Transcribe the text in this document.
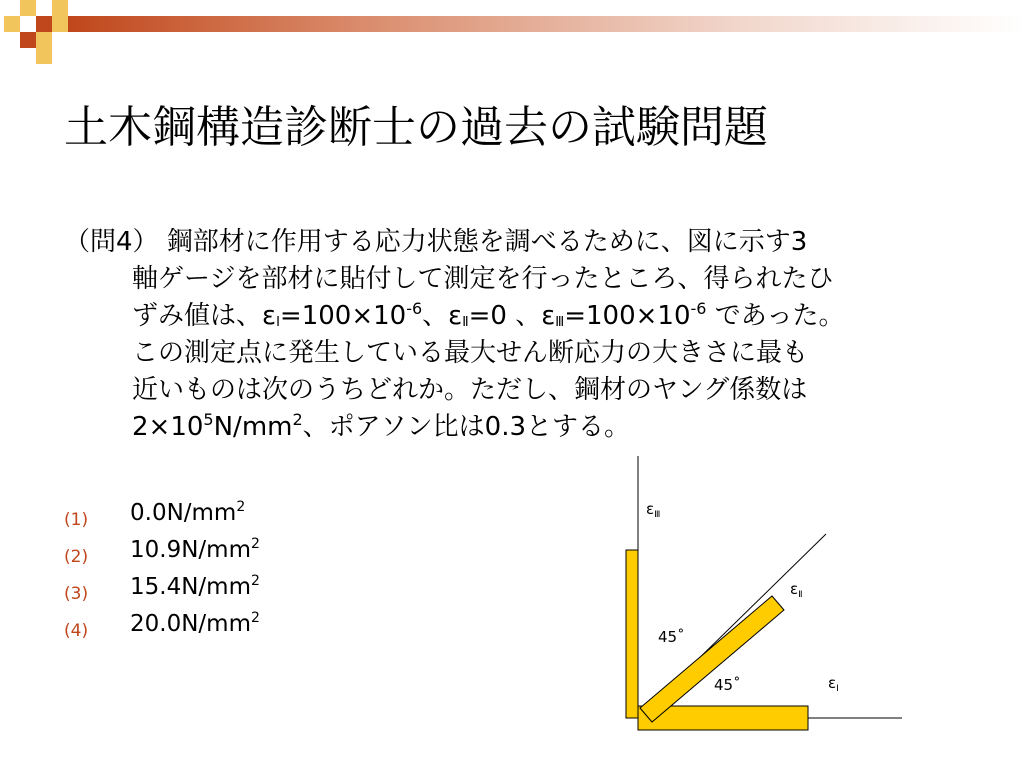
土木鋼構造診断士の過去の試験問題
（問4） 鋼部材に作用する応力状態を調べるために、図に示す3
軸ゲージを部材に貼付して測定を行ったところ、得られたひ
ずみ値は、$\varepsilon_Ⅰ=100\times 10^{-6}$、$\varepsilon_Ⅱ=0$ 、$\varepsilon_Ⅲ=100\times 10^{-6}$ であった。
この測定点に発生している最大せん断応力の大きさに最も
近いものは次のうちどれか。ただし、鋼材のヤング係数は
$2\times 10^5N/mm^2$、ポアソン比は0.3とする。
(1) $0.0N/mm^2$
(2) $10.9N/mm^2$
(3) $15.4N/mm^2$
(4) $20.0N/mm^2$
$\varepsilon_Ⅲ$
$\varepsilon_Ⅱ$
$\varepsilon_Ⅰ$
45˚
45˚
